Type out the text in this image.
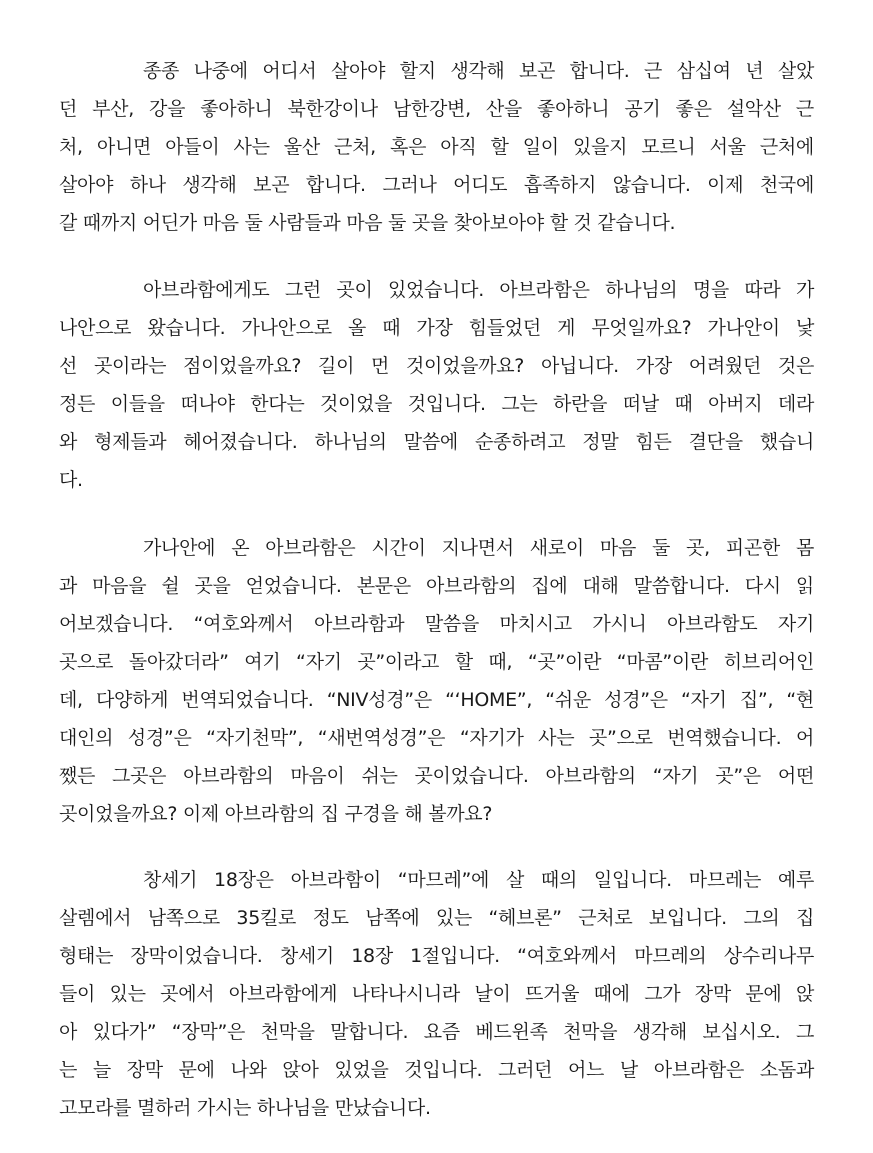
종종 나중에 어디서 살아야 할지 생각해 보곤 합니다. 근 삼십여 년 살았
던 부산, 강을 좋아하니 북한강이나 남한강변, 산을 좋아하니 공기 좋은 설악산 근
처, 아니면 아들이 사는 울산 근처, 혹은 아직 할 일이 있을지 모르니 서울 근처에
살아야 하나 생각해 보곤 합니다. 그러나 어디도 흡족하지 않습니다. 이제 천국에
갈 때까지 어딘가 마음 둘 사람들과 마음 둘 곳을 찾아보아야 할 것 같습니다.
아브라함에게도 그런 곳이 있었습니다. 아브라함은 하나님의 명을 따라 가
나안으로 왔습니다. 가나안으로 올 때 가장 힘들었던 게 무엇일까요? 가나안이 낯
선 곳이라는 점이었을까요? 길이 먼 것이었을까요? 아닙니다. 가장 어려웠던 것은
정든 이들을 떠나야 한다는 것이었을 것입니다. 그는 하란을 떠날 때 아버지 데라
와 형제들과 헤어졌습니다. 하나님의 말씀에 순종하려고 정말 힘든 결단을 했습니
다.
가나안에 온 아브라함은 시간이 지나면서 새로이 마음 둘 곳, 피곤한 몸
과 마음을 쉴 곳을 얻었습니다. 본문은 아브라함의 집에 대해 말씀합니다. 다시 읽
어보겠습니다. “여호와께서 아브라함과 말씀을 마치시고 가시니 아브라함도 자기
곳으로 돌아갔더라” 여기 “자기 곳”이라고 할 때, “곳”이란 “마콤”이란 히브리어인
데, 다양하게 번역되었습니다. “NIV성경”은 “‘HOME”, “쉬운 성경”은 “자기 집”, “현
대인의 성경”은 “자기천막”, “새번역성경”은 “자기가 사는 곳”으로 번역했습니다. 어
쨌든 그곳은 아브라함의 마음이 쉬는 곳이었습니다. 아브라함의 “자기 곳”은 어떤
곳이었을까요? 이제 아브라함의 집 구경을 해 볼까요?
창세기 18장은 아브라함이 “마므레”에 살 때의 일입니다. 마므레는 예루
살렘에서 남쪽으로 35킬로 정도 남쪽에 있는 “헤브론” 근처로 보입니다. 그의 집
형태는 장막이었습니다. 창세기 18장 1절입니다. “여호와께서 마므레의 상수리나무
들이 있는 곳에서 아브라함에게 나타나시니라 날이 뜨거울 때에 그가 장막 문에 앉
아 있다가” “장막”은 천막을 말합니다. 요즘 베드윈족 천막을 생각해 보십시오. 그
는 늘 장막 문에 나와 앉아 있었을 것입니다. 그러던 어느 날 아브라함은 소돔과
고모라를 멸하러 가시는 하나님을 만났습니다.
